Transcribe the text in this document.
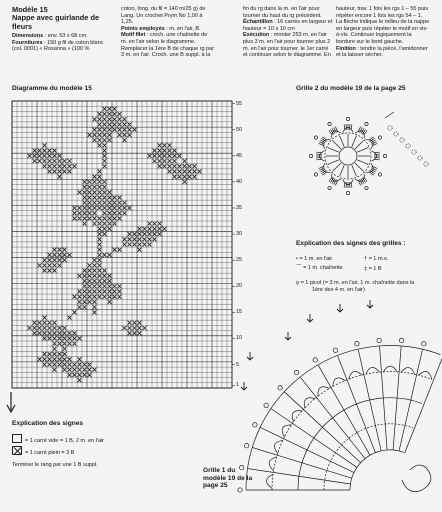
Modèle 15
Nappe avec guirlande de
fleurs
Dimensions : env. 53 x 68 cm.
Fournitures : 150 g fil de coton blanc
(col. 0001) « Rosanna » (100 %
coton, long. du fil = 140 m/25 g) de
Lang. Un crochet Prym No 1,00 à
1,25.
Points employés : m. en l'air, B.
Motif filet : croch. une chaînette de
m. en l'air selon le diagramme.
Remplacer la 1ère B de chaque rg par
3 m. en l'air. Croch. une B suppl. à la
fin du rg dans la m. en l'air pour
tourner du haut du rg précédent.
Échantillon : 16 carrés en largeur et
hauteur = 10 x 10 cm
Exécution : monter 253 m. en l'air
plus 3 m. en l'air pour tourner plus 2
m. en l'air pour tourner. le 1er carré
et continuer selon le diagramme. En
hauteur, trav. 1 fois les rgs 1 – 55 puis
répéter encore 1 fois les rgs 54 – 1.
La flèche indique le milieu de la nappe
en largeur puis répéter le motif en vis-
à-vis. Continuer logiquement la
bordure sur le bord gauche.
Finition : tendre la pièce, l'amidonner
et la laisser sécher.
Diagramme du modèle 15
55
50
45
40
35
30
25
20
15
10
5
1
Explication des signes
= 1 carré vide = 1 B, 2 m. en l'air
= 1 carré plein = 3 B
Terminer le rang par une 1 B suppl.
Grille 2 du modèle 19 de la page 25
Explication des signes des grilles :
• = 1 m. en l'air
⌒ = 1 m. chaînette
† = 1 m.s.
‡ = 1 B
ϙ = 1 picot (= 3 m. en l'air, 1 m. chaînette dans la
1ère des 4 m. en l'air)
Grille 1 du
modèle 19 de la
page 25
